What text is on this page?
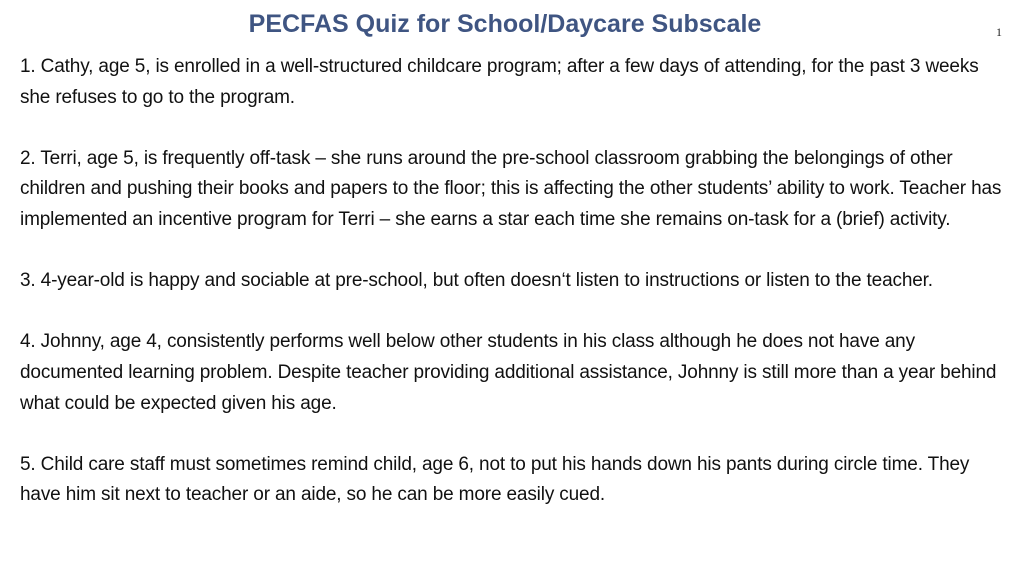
PECFAS Quiz for School/Daycare Subscale	1

1. Cathy, age 5, is enrolled in a well-structured childcare program; after a few days of attending, for the past 3 weeks she refuses to go to the program.

2. Terri, age 5, is frequently off-task – she runs around the pre-school classroom grabbing the belongings of other children and pushing their books and papers to the floor; this is affecting the other students’ ability to work. Teacher has implemented an incentive program for Terri – she earns a star each time she remains on-task for a (brief) activity.

3. 4-year-old is happy and sociable at pre-school, but often doesn‘t listen to instructions or listen to the teacher.

4. Johnny, age 4, consistently performs well below other students in his class although he does not have any documented learning problem. Despite teacher providing additional assistance, Johnny is still more than a year behind what could be expected given his age.

5. Child care staff must sometimes remind child, age 6, not to put his hands down his pants during circle time. They have him sit next to teacher or an aide, so he can be more easily cued.
